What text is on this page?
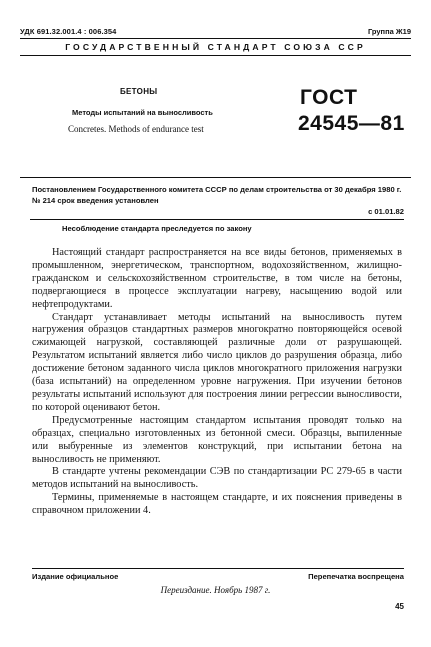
УДК 691.32.001.4 : 006.354	Группа Ж19
ГОСУДАРСТВЕННЫЙ СТАНДАРТ СОЮЗА ССР
БЕТОНЫ
Методы испытаний на выносливость
Concretes. Methods of endurance test
ГОСТ
24545—81
Постановлением Государственного комитета СССР по делам строительства от 30 декабря 1980 г. № 214 срок введения установлен
с 01.01.82
Несоблюдение стандарта преследуется по закону

Настоящий стандарт распространяется на все виды бетонов, применяемых в промышленном, энергетическом, транспортном, водохозяйственном, жилищно-гражданском и сельскохозяйственном строительстве, в том числе на бетоны, подвергающиеся в процессе эксплуатации нагреву, насыщению водой или нефтепродуктами.

Стандарт устанавливает методы испытаний на выносливость путем нагружения образцов стандартных размеров многократно повторяющейся осевой сжимающей нагрузкой, составляющей различные доли от разрушающей. Результатом испытаний является либо число циклов до разрушения образца, либо достижение бетоном заданного числа циклов многократного приложения нагрузки (база испытаний) на определенном уровне нагружения. При изучении бетонов результаты испытаний используют для построения линии регрессии выносливости, по которой оценивают бетон.

Предусмотренные настоящим стандартом испытания проводят только на образцах, специально изготовленных из бетонной смеси. Образцы, выпиленные или выбуренные из элементов конструкций, при испытании бетона на выносливость не применяют.

В стандарте учтены рекомендации СЭВ по стандартизации РС 279-65 в части методов испытаний на выносливость.

Термины, применяемые в настоящем стандарте, и их пояснения приведены в справочном приложении 4.

Издание официальное	Перепечатка воспрещена
Переиздание. Ноябрь 1987 г.
45
